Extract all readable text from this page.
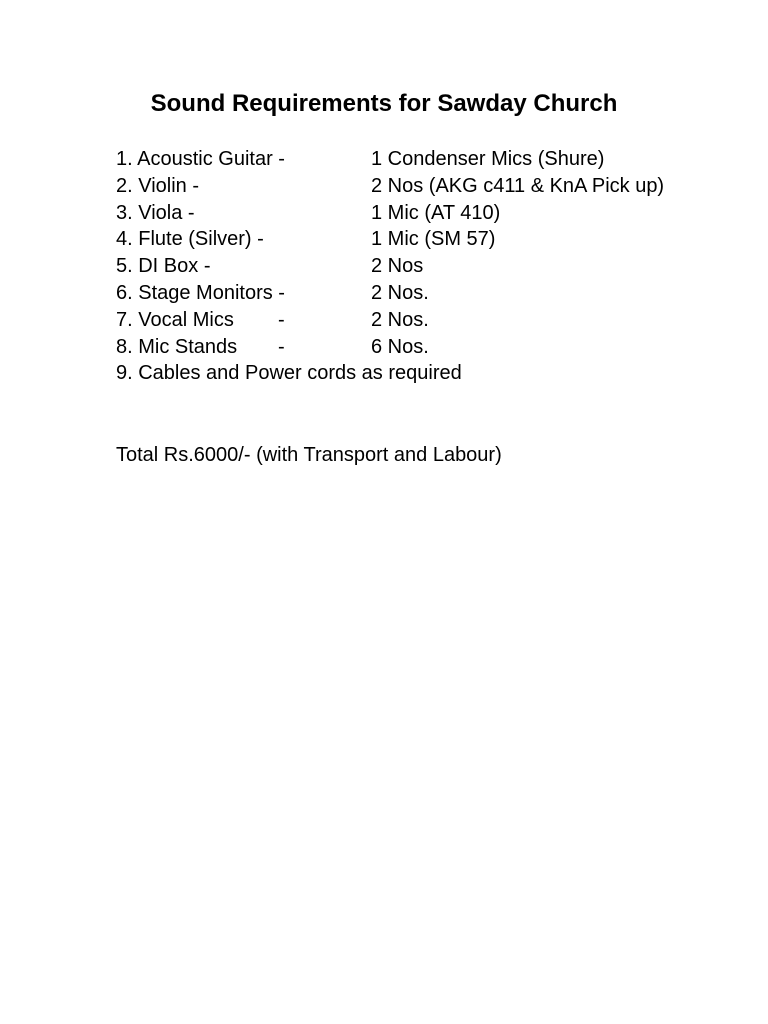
Sound Requirements for Sawday Church
1. Acoustic Guitar -	1 Condenser Mics (Shure)
2. Violin -	2 Nos (AKG c411 & KnA Pick up)
3. Viola -	1 Mic (AT 410)
4. Flute (Silver) -	1 Mic (SM 57)
5. DI Box -	2 Nos
6. Stage Monitors -	2 Nos.
7. Vocal Mics -	2 Nos.
8. Mic Stands -	6 Nos.
9. Cables and Power cords as required
Total Rs.6000/- (with Transport and Labour)
